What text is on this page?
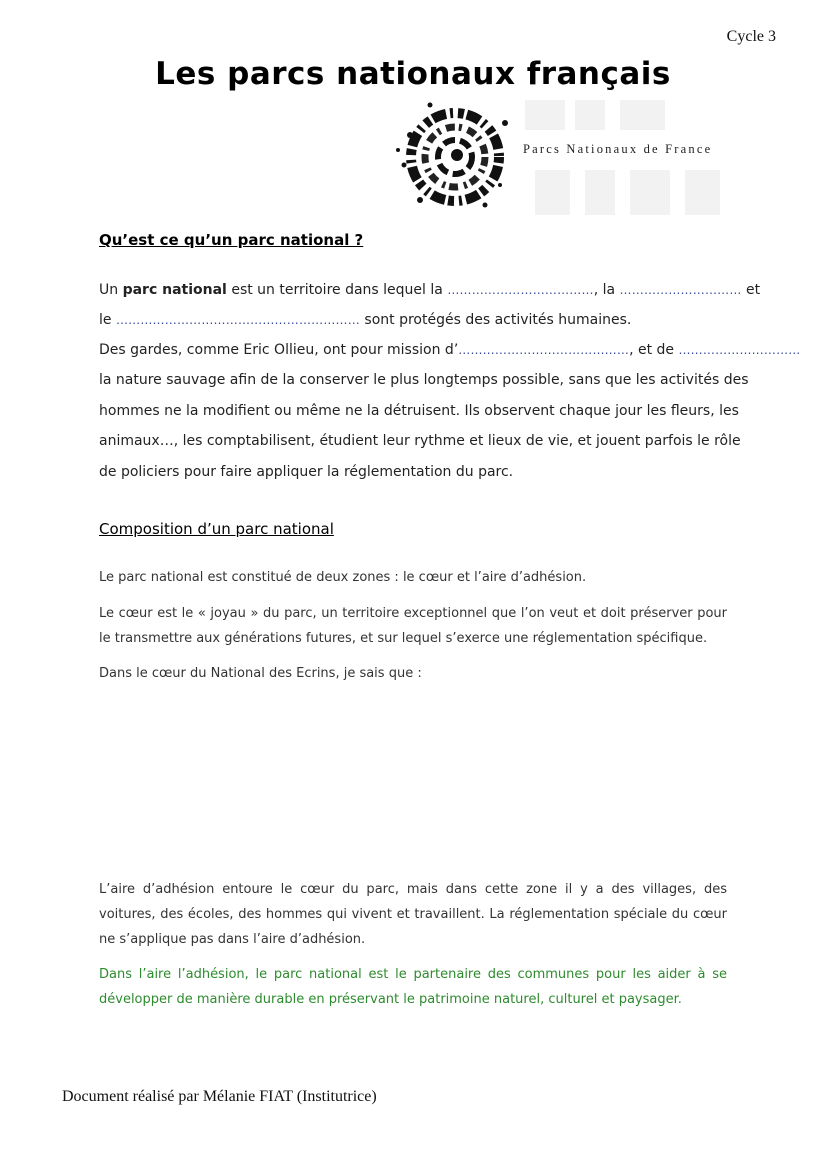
Cycle 3
Les parcs nationaux français
Parcs Nationaux de France
Qu’est ce qu’un parc national ?
Un parc national est un territoire dans lequel la ………………………………, la ………………………… et
le …………………………………………………… sont protégés des activités humaines.
Des gardes, comme Eric Ollieu, ont pour mission d’……………………………………, et de …………………………
la nature sauvage afin de la conserver le plus longtemps possible, sans que les activités des
hommes ne la modifient ou même ne la détruisent. Ils observent chaque jour les fleurs, les
animaux…, les comptabilisent, étudient leur rythme et lieux de vie, et jouent parfois le rôle
de policiers pour faire appliquer la réglementation du parc.
Composition d’un parc national
Le parc national est constitué de deux zones : le cœur et l’aire d’adhésion.
Le cœur est le « joyau » du parc, un territoire exceptionnel que l’on veut et doit préserver pour le transmettre aux générations futures, et sur lequel s’exerce une réglementation spécifique.
Dans le cœur du National des Ecrins, je sais que :
L’aire d’adhésion entoure le cœur du parc, mais dans cette zone il y a des villages, des voitures, des écoles, des hommes qui vivent et travaillent. La réglementation spéciale du cœur ne s’applique pas dans l’aire d’adhésion.
Dans l’aire l’adhésion, le parc national est le partenaire des communes pour les aider à se développer de manière durable en préservant le patrimoine naturel, culturel et paysager.
Document réalisé par Mélanie FIAT (Institutrice)
